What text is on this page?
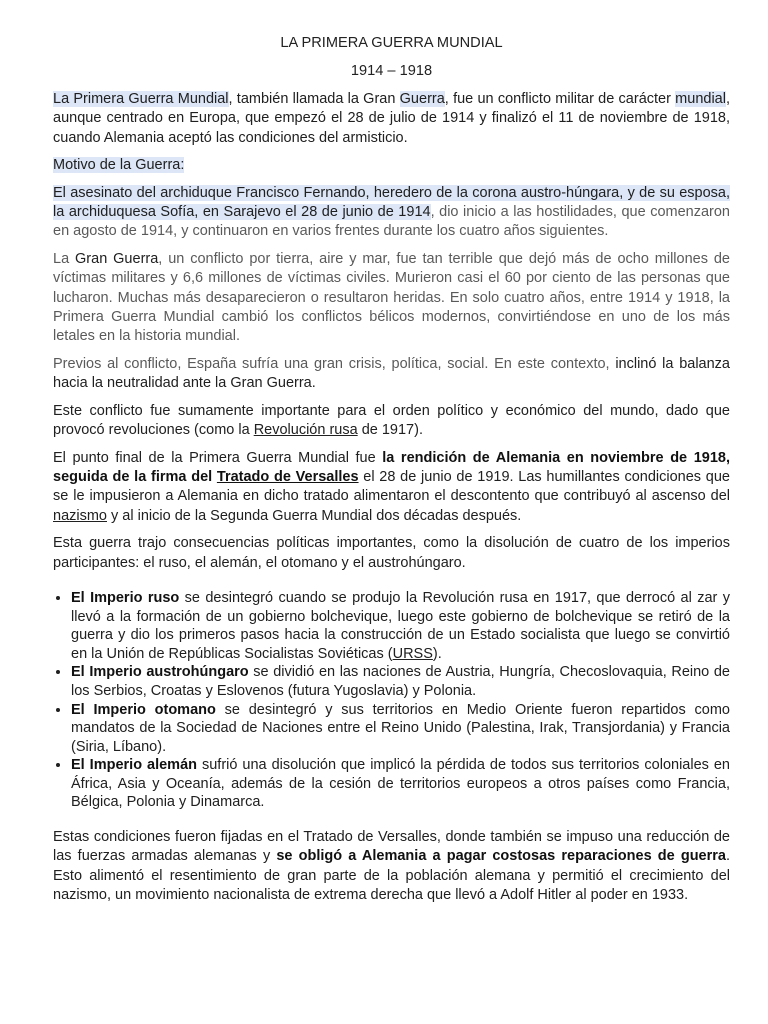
LA PRIMERA GUERRA MUNDIAL
1914 – 1918

La Primera Guerra Mundial, también llamada la Gran Guerra, fue un conflicto militar de carácter mundial, aunque centrado en Europa, que empezó el 28 de julio de 1914 y finalizó el 11 de noviembre de 1918, cuando Alemania aceptó las condiciones del armisticio.

Motivo de la Guerra:

El asesinato del archiduque Francisco Fernando, heredero de la corona austro-húngara, y de su esposa, la archiduquesa Sofía, en Sarajevo el 28 de junio de 1914, dio inicio a las hostilidades, que comenzaron en agosto de 1914, y continuaron en varios frentes durante los cuatro años siguientes.

La Gran Guerra, un conflicto por tierra, aire y mar, fue tan terrible que dejó más de ocho millones de víctimas militares y 6,6 millones de víctimas civiles. Murieron casi el 60 por ciento de las personas que lucharon. Muchas más desaparecieron o resultaron heridas. En solo cuatro años, entre 1914 y 1918, la Primera Guerra Mundial cambió los conflictos bélicos modernos, convirtiéndose en uno de los más letales en la historia mundial.

Previos al conflicto, España sufría una gran crisis, política, social. En este contexto, inclinó la balanza hacia la neutralidad ante la Gran Guerra.

Este conflicto fue sumamente importante para el orden político y económico del mundo, dado que provocó revoluciones (como la Revolución rusa de 1917).

El punto final de la Primera Guerra Mundial fue la rendición de Alemania en noviembre de 1918, seguida de la firma del Tratado de Versalles el 28 de junio de 1919. Las humillantes condiciones que se le impusieron a Alemania en dicho tratado alimentaron el descontento que contribuyó al ascenso del nazismo y al inicio de la Segunda Guerra Mundial dos décadas después.

Esta guerra trajo consecuencias políticas importantes, como la disolución de cuatro de los imperios participantes: el ruso, el alemán, el otomano y el austrohúngaro.

• El Imperio ruso se desintegró cuando se produjo la Revolución rusa en 1917, que derrocó al zar y llevó a la formación de un gobierno bolchevique, luego este gobierno de bolchevique se retiró de la guerra y dio los primeros pasos hacia la construcción de un Estado socialista que luego se convirtió en la Unión de Repúblicas Socialistas Soviéticas (URSS).
• El Imperio austrohúngaro se dividió en las naciones de Austria, Hungría, Checoslovaquia, Reino de los Serbios, Croatas y Eslovenos (futura Yugoslavia) y Polonia.
• El Imperio otomano se desintegró y sus territorios en Medio Oriente fueron repartidos como mandatos de la Sociedad de Naciones entre el Reino Unido (Palestina, Irak, Transjordania) y Francia (Siria, Líbano).
• El Imperio alemán sufrió una disolución que implicó la pérdida de todos sus territorios coloniales en África, Asia y Oceanía, además de la cesión de territorios europeos a otros países como Francia, Bélgica, Polonia y Dinamarca.

Estas condiciones fueron fijadas en el Tratado de Versalles, donde también se impuso una reducción de las fuerzas armadas alemanas y se obligó a Alemania a pagar costosas reparaciones de guerra. Esto alimentó el resentimiento de gran parte de la población alemana y permitió el crecimiento del nazismo, un movimiento nacionalista de extrema derecha que llevó a Adolf Hitler al poder en 1933.
